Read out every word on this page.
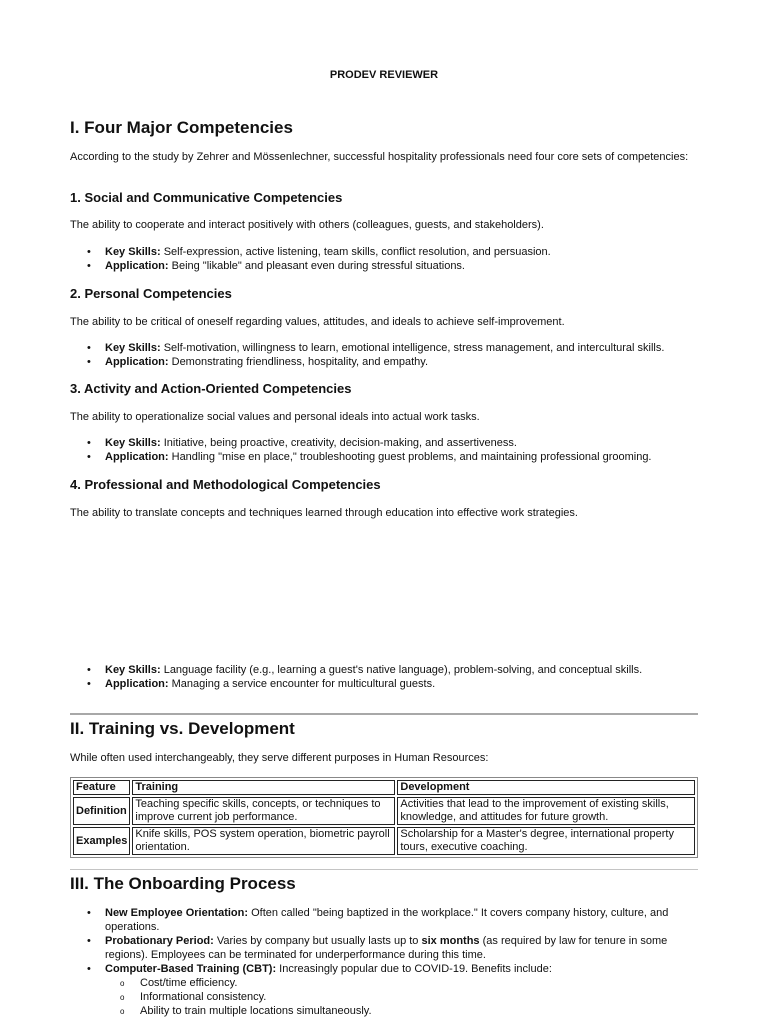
PRODEV REVIEWER
I. Four Major Competencies

According to the study by Zehrer and Mössenlechner, successful hospitality professionals need four core sets of competencies:

1. Social and Communicative Competencies

The ability to cooperate and interact positively with others (colleagues, guests, and stakeholders).

• Key Skills: Self-expression, active listening, team skills, conflict resolution, and persuasion.
• Application: Being "likable" and pleasant even during stressful situations.
2. Personal Competencies

The ability to be critical of oneself regarding values, attitudes, and ideals to achieve self-improvement.

• Key Skills: Self-motivation, willingness to learn, emotional intelligence, stress management, and intercultural skills.
• Application: Demonstrating friendliness, hospitality, and empathy.
3. Activity and Action-Oriented Competencies

The ability to operationalize social values and personal ideals into actual work tasks.

• Key Skills: Initiative, being proactive, creativity, decision-making, and assertiveness.
• Application: Handling "mise en place," troubleshooting guest problems, and maintaining professional grooming.
4. Professional and Methodological Competencies

The ability to translate concepts and techniques learned through education into effective work strategies.

• Key Skills: Language facility (e.g., learning a guest's native language), problem-solving, and conceptual skills.
• Application: Managing a service encounter for multicultural guests.
II. Training vs. Development

While often used interchangeably, they serve different purposes in Human Resources:

Feature	Training	Development
Definition	Teaching specific skills, concepts, or techniques to improve current job performance.	Activities that lead to the improvement of existing skills, knowledge, and attitudes for future growth.
Examples	Knife skills, POS system operation, biometric payroll orientation.	Scholarship for a Master's degree, international property tours, executive coaching.
III. The Onboarding Process
• New Employee Orientation: Often called "being baptized in the workplace." It covers company history, culture, and operations.
• Probationary Period: Varies by company but usually lasts up to six months (as required by law for tenure in some regions). Employees can be terminated for underperformance during this time.
• Computer-Based Training (CBT): Increasingly popular due to COVID-19. Benefits include:
o Cost/time efficiency.
o Informational consistency.
o Ability to train multiple locations simultaneously.
